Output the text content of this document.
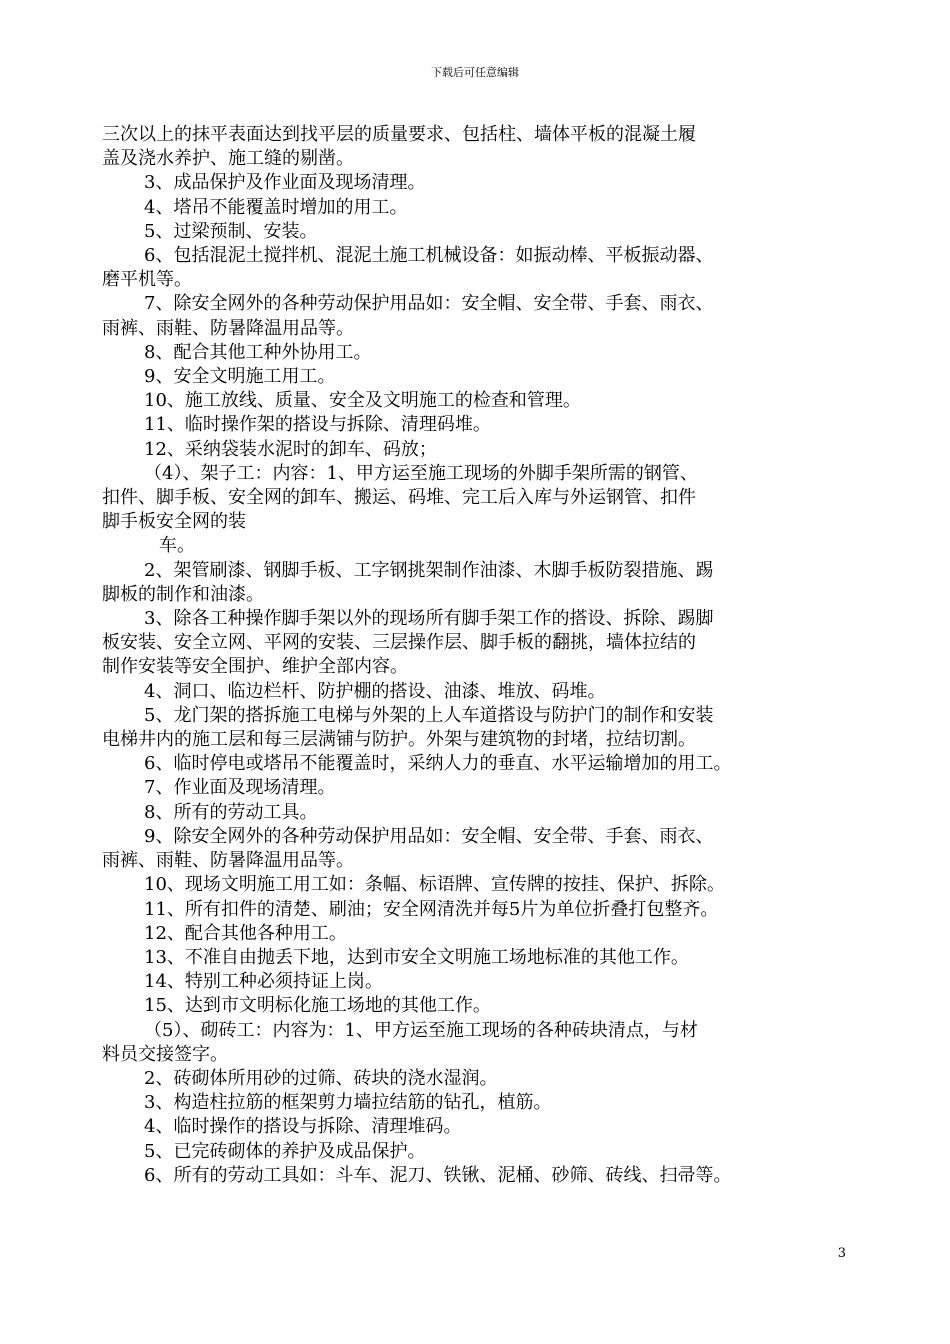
下载后可任意编辑

三次以上的抹平表面达到找平层的质量要求、包括柱、墙体平板的混凝土履

盖及浇水养护、施工缝的剔凿。

3、成品保护及作业面及现场清理。

4、塔吊不能覆盖时增加的用工。

5、过梁预制、安装。

6、包括混泥土搅拌机、混泥土施工机械设备：如振动棒、平板振动器、

磨平机等。

7、除安全网外的各种劳动保护用品如：安全帽、安全带、手套、雨衣、

雨裤、雨鞋、防暑降温用品等。

8、配合其他工种外协用工。

9、安全文明施工用工。

10、施工放线、质量、安全及文明施工的检查和管理。

11、临时操作架的搭设与拆除、清理码堆。

12、采纳袋装水泥时的卸车、码放；

（4）、架子工：内容：1、甲方运至施工现场的外脚手架所需的钢管、

扣件、脚手板、安全网的卸车、搬运、码堆、完工后入库与外运钢管、扣件

脚手板安全网的装

车。

2、架管刷漆、钢脚手板、工字钢挑架制作油漆、木脚手板防裂措施、踢

脚板的制作和油漆。

3、除各工种操作脚手架以外的现场所有脚手架工作的搭设、拆除、踢脚

板安装、安全立网、平网的安装、三层操作层、脚手板的翻挑，墙体拉结的

制作安装等安全围护、维护全部内容。

4、洞口、临边栏杆、防护棚的搭设、油漆、堆放、码堆。

5、龙门架的搭拆施工电梯与外架的上人车道搭设与防护门的制作和安装

电梯井内的施工层和每三层满铺与防护。外架与建筑物的封堵，拉结切割。

6、临时停电或塔吊不能覆盖时，采纳人力的垂直、水平运输增加的用工。

7、作业面及现场清理。

8、所有的劳动工具。

9、除安全网外的各种劳动保护用品如：安全帽、安全带、手套、雨衣、

雨裤、雨鞋、防暑降温用品等。

10、现场文明施工用工如：条幅、标语牌、宣传牌的按挂、保护、拆除。

11、所有扣件的清楚、刷油；安全网清洗并每5片为单位折叠打包整齐。

12、配合其他各种用工。

13、不准自由抛丢下地，达到市安全文明施工场地标准的其他工作。

14、特别工种必须持证上岗。

15、达到市文明标化施工场地的其他工作。

（5）、砌砖工：内容为：1、甲方运至施工现场的各种砖块清点，与材

料员交接签字。

2、砖砌体所用砂的过筛、砖块的浇水湿润。

3、构造柱拉筋的框架剪力墙拉结筋的钻孔，植筋。

4、临时操作的搭设与拆除、清理堆码。

5、已完砖砌体的养护及成品保护。

6、所有的劳动工具如：斗车、泥刀、铁锹、泥桶、砂筛、砖线、扫帚等。

3
